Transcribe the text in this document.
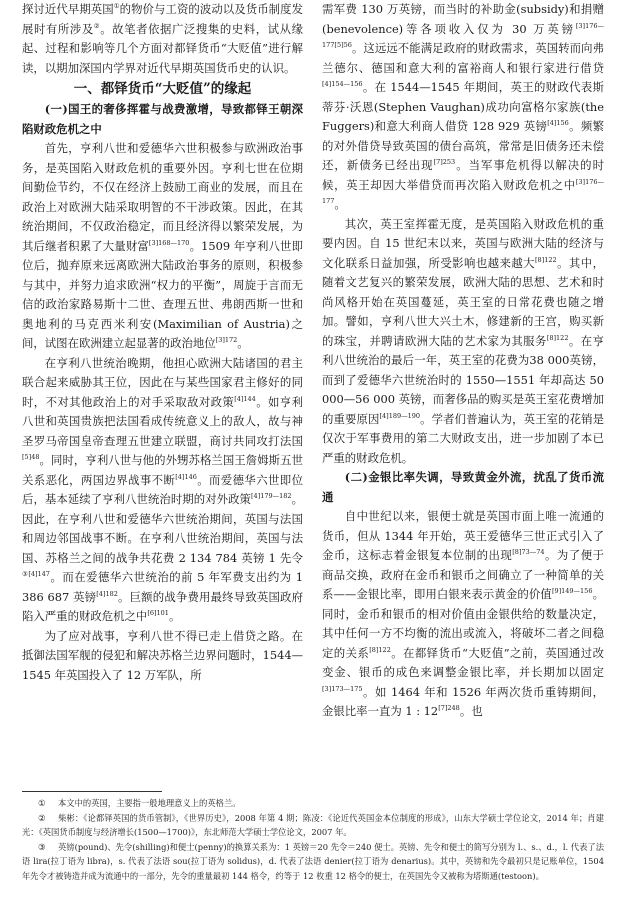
探讨近代早期英国①的物价与工资的波动以及货币制度发展时有所涉及②。故笔者依据广泛搜集的史料，试从缘起、过程和影响等几个方面对都铎货币“大贬值”进行解读，以期加深国内学界对近代早期英国货币史的认识。

一、都铎货币“大贬值”的缘起

(一)国王的奢侈挥霍与战费激增，导致都铎王朝深陷财政危机之中

首先，亨利八世和爱德华六世积极参与欧洲政治事务，是英国陷入财政危机的重要外因。亨利七世在位期间勤俭节约，不仅在经济上鼓励工商业的发展，而且在政治上对欧洲大陆采取明智的不干涉政策。因此，在其统治期间，不仅政治稳定，而且经济得以繁荣发展，为其后继者积累了大量财富$^{[3]168—170}$。1509 年亨利八世即位后，抛弃原来远离欧洲大陆政治事务的原则，积极参与其中，并努力追求欧洲“权力的平衡”，周旋于言而无信的政治家路易斯十二世、查理五世、弗朗西斯一世和奥地利的马克西米利安(Maximilian of Austria)之间，试图在欧洲建立起显著的政治地位$^{[3]172}$。

在亨利八世统治晚期，他担心欧洲大陆诸国的君主联合起来威胁其王位，因此在与某些国家君主修好的同时，不对其他政治上的对手采取敌对政策$^{[4]144}$。如亨利八世和英国贵族把法国看成传统意义上的敌人，故与神圣罗马帝国皇帝查理五世建立联盟，商讨共同攻打法国$^{[5]48}$。同时，亨利八世与他的外甥苏格兰国王詹姆斯五世关系恶化，两国边界战事不断$^{[4]146}$。而爱德华六世即位后，基本延续了亨利八世统治时期的对外政策$^{[4]179—182}$。因此，在亨利八世和爱德华六世统治期间，英国与法国和周边邻国战事不断。在亨利八世统治期间，英国与法国、苏格兰之间的战争共花费 2 134 784 英镑 1 先令$^{③[4]147}$。而在爱德华六世统治的前 5 年军费支出约为 1 386 687 英镑$^{[4]182}$。巨额的战争费用最终导致英国政府陷入严重的财政危机之中$^{[6]101}$。

为了应对战事，亨利八世不得已走上借贷之路。在抵御法国军舰的侵犯和解决苏格兰边界问题时，1544—1545 年英国投入了 12 万军队，所

需军费 130 万英镑，而当时的补助金(subsidy)和捐赠(benevolence)等各项收入仅为 30 万英镑$^{[3]176—177[5]56}$。这远远不能满足政府的财政需求，英国转而向弗兰德尔、德国和意大利的富裕商人和银行家进行借贷$^{[4]154—156}$。在 1544—1545 年期间，英王的财政代表斯蒂芬·沃恩(Stephen Vaughan)成功向富格尔家族(the Fuggers)和意大利商人借贷 128 929 英镑$^{[4]156}$。频繁的对外借贷导致英国的债台高筑，常常是旧债务还未偿还，新债务已经出现$^{[7]253}$。当军事危机得以解决的时候，英王却因大举借贷而再次陷入财政危机之中$^{[3]176—177}$。

其次，英王室挥霍无度，是英国陷入财政危机的重要内因。自 15 世纪末以来，英国与欧洲大陆的经济与文化联系日益加强，所受影响也越来越大$^{[8]122}$。其中，随着文艺复兴的繁荣发展，欧洲大陆的思想、艺术和时尚风格开始在英国蔓延，英王室的日常花费也随之增加。譬如，亨利八世大兴土木，修建新的王宫，购买新的珠宝，并聘请欧洲大陆的艺术家为其服务$^{[8]122}$。在亨利八世统治的最后一年，英王室的花费为38 000英镑，而到了爱德华六世统治时的 1550—1551 年却高达 50 000—56 000 英镑，而奢侈品的购买是英王室花费增加的重要原因$^{[4]189—190}$。学者们普遍认为，英王室的花销是仅次于军事费用的第二大财政支出，进一步加剧了本已严重的财政危机。

(二)金银比率失调，导致黄金外流，扰乱了货币流通

自中世纪以来，银便士就是英国市面上唯一流通的货币，但从 1344 年开始，英王爱德华三世正式引入了金币，这标志着金银复本位制的出现$^{[8]73—74}$。为了便于商品交换，政府在金币和银币之间确立了一种简单的关系——金银比率，即用白银来表示黄金的价值$^{[9]149—156}$。同时，金币和银币的相对价值由金银供给的数量决定，其中任何一方不均衡的流出或流入，将破坏二者之间稳定的关系$^{[8]122}$。在都铎货币“大贬值”之前，英国通过改变金、银币的成色来调整金银比率，并长期加以固定$^{[3]173—175}$。如 1464 年和 1526 年两次货币重铸期间，金银比率一直为 1 : 12$^{[7]248}$。也

① 本文中的英国，主要指一般地理意义上的英格兰。

② 柴彬：《论都铎英国的货币管制》，《世界历史》，2008 年第 4 期；陈凌：《论近代英国金本位制度的形成》，山东大学硕士学位论文，2014 年；肖建光：《英国货币制度与经济增长(1500—1700)》，东北师范大学硕士学位论文，2007 年。

③ 英镑(pound)、先令(shilling)和便士(penny)的换算关系为：1 英镑＝20 先令＝240 便士。英镑、先令和便士的简写分别为 l.、s.、d.，l. 代表了法语 lira(拉丁语为 libra)，s. 代表了法语 sou(拉丁语为 solidus)，d. 代表了法语 denier(拉丁语为 denarius)。其中，英镑和先令最初只是记账单位，1504 年先令才被铸造并成为流通中的一部分，先令的重量最初 144 格令，约等于 12 枚重 12 格令的便士，在英国先令又被称为塔斯通(testoon)。
